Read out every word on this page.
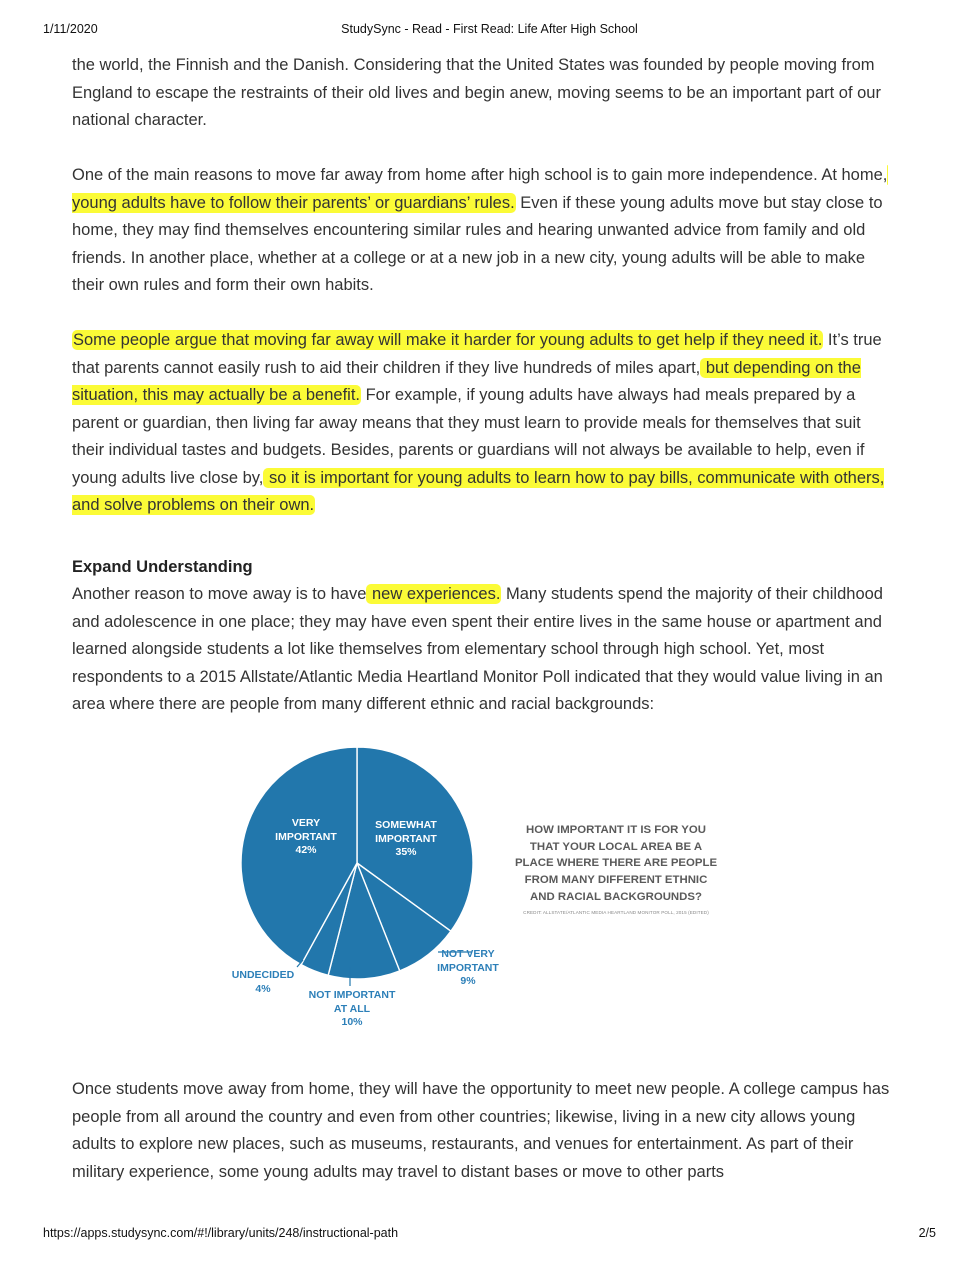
1/11/2020	StudySync - Read - First Read: Life After High School

the world, the Finnish and the Danish. Considering that the United States was founded by people moving from England to escape the restraints of their old lives and begin anew, moving seems to be an important part of our national character.

One of the main reasons to move far away from home after high school is to gain more independence. At home, young adults have to follow their parents’ or guardians’ rules. Even if these young adults move but stay close to home, they may find themselves encountering similar rules and hearing unwanted advice from family and old friends. In another place, whether at a college or at a new job in a new city, young adults will be able to make their own rules and form their own habits.

Some people argue that moving far away will make it harder for young adults to get help if they need it. It’s true that parents cannot easily rush to aid their children if they live hundreds of miles apart, but depending on the situation, this may actually be a benefit. For example, if young adults have always had meals prepared by a parent or guardian, then living far away means that they must learn to provide meals for themselves that suit their individual tastes and budgets. Besides, parents or guardians will not always be available to help, even if young adults live close by, so it is important for young adults to learn how to pay bills, communicate with others, and solve problems on their own.

Expand Understanding

Another reason to move away is to have new experiences. Many students spend the majority of their childhood and adolescence in one place; they may have even spent their entire lives in the same house or apartment and learned alongside students a lot like themselves from elementary school through high school. Yet, most respondents to a 2015 Allstate/Atlantic Media Heartland Monitor Poll indicated that they would value living in an area where there are people from many different ethnic and racial backgrounds:

VERY
IMPORTANT
42%
SOMEWHAT
IMPORTANT
35%
NOT VERY
IMPORTANT
9%
NOT IMPORTANT
AT ALL
10%
UNDECIDED
4%
HOW IMPORTANT IT IS FOR YOU THAT YOUR LOCAL AREA BE A PLACE WHERE THERE ARE PEOPLE FROM MANY DIFFERENT ETHNIC AND RACIAL BACKGROUNDS?
CREDIT: ALLSTATE/ATLANTIC MEDIA HEARTLAND MONITOR POLL, 2015 (EDITED)

Once students move away from home, they will have the opportunity to meet new people. A college campus has people from all around the country and even from other countries; likewise, living in a new city allows young adults to explore new places, such as museums, restaurants, and venues for entertainment. As part of their military experience, some young adults may travel to distant bases or move to other parts

https://apps.studysync.com/#!/library/units/248/instructional-path	2/5
